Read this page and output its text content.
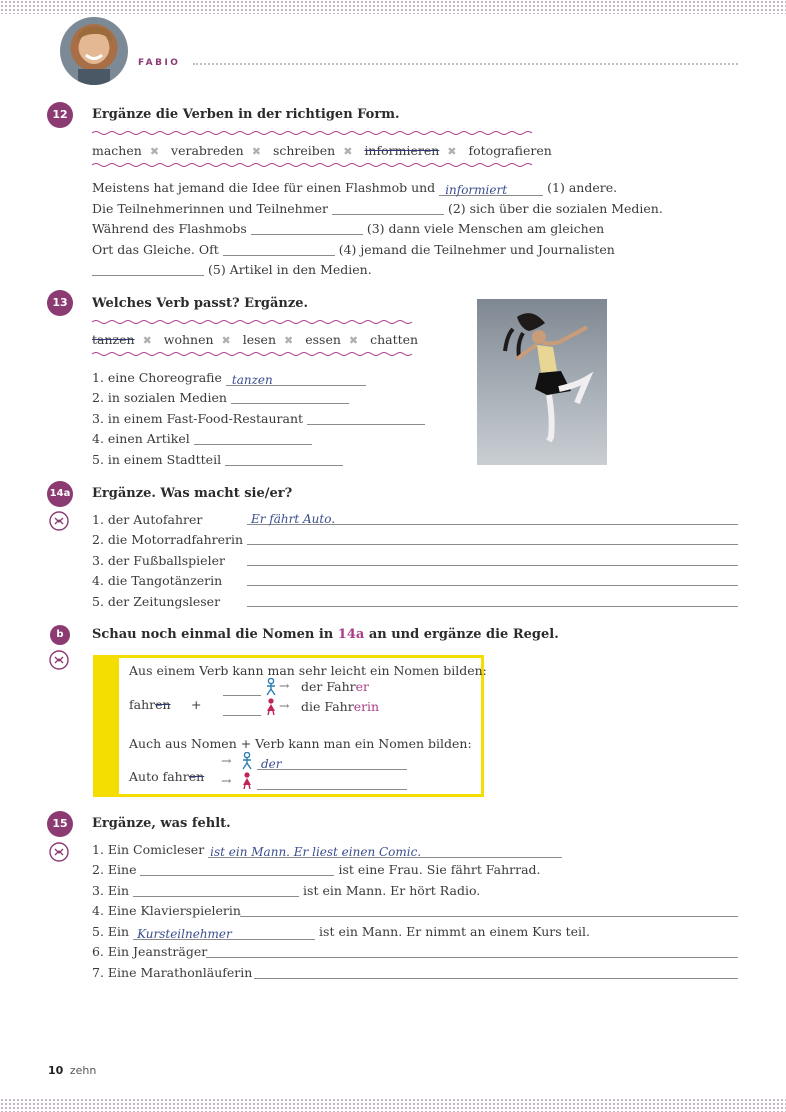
FABIO
12	Ergänze die Verben in der richtigen Form.
machen ✖ verabreden ✖ schreiben ✖ informieren ✖ fotografieren
Meistens hat jemand die Idee für einen Flashmob und informiert	(1) andere.
Die Teilnehmerinnen und Teilnehmer	(2) sich über die sozialen Medien.
Während des Flashmobs	(3) dann viele Menschen am gleichen
Ort das Gleiche. Oft	(4) jemand die Teilnehmer und Journalisten
(5) Artikel in den Medien.
13	Welches Verb passt? Ergänze.
tanzen ✖ wohnen ✖ lesen ✖ essen ✖ chatten
1. eine Choreografie tanzen
2. in sozialen Medien
3. in einem Fast-Food-Restaurant
4. einen Artikel
5. in einem Stadtteil
14a Ergänze. Was macht sie/er?
1. der Autofahrer	Er fährt Auto.
2. die Motorradfahrerin
3. der Fußballspieler
4. die Tangotänzerin
5. der Zeitungsleser
b	Schau noch einmal die Nomen in 14a an und ergänze die Regel.
Aus einem Verb kann man sehr leicht ein Nomen bilden:
fahren +
→
→
der Fahrer
die Fahrerin
Auch aus Nomen + Verb kann man ein Nomen bilden:
Auto fahren
→
→
der
15	Ergänze, was fehlt.
1. Ein Comicleser ist ein Mann. Er liest einen Comic.
2. Eine	ist eine Frau. Sie fährt Fahrrad.
3. Ein	ist ein Mann. Er hört Radio.
4. Eine Klavierspielerin
5. Ein Kursteilnehmer	ist ein Mann. Er nimmt an einem Kurs teil.
6. Ein Jeansträger
7. Eine Marathonläuferin
10 zehn
